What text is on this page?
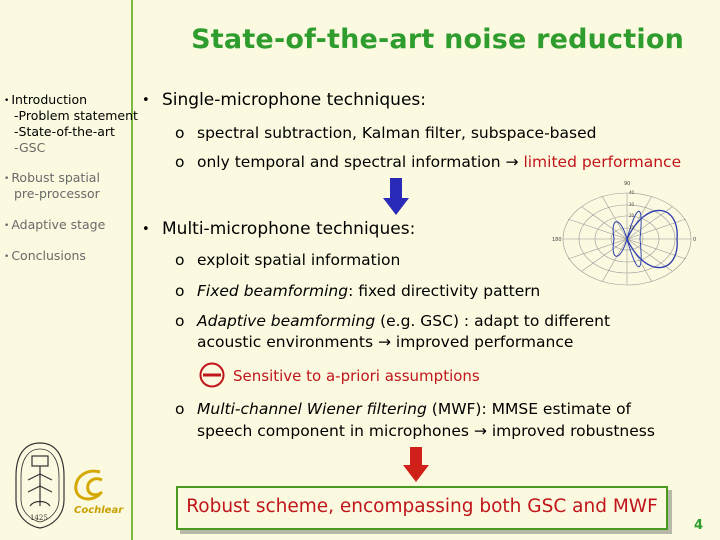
State-of-the-art noise reduction
• Introduction
-Problem statement
-State-of-the-art
-GSC
• Robust spatial
pre-processor
• Adaptive stage
• Conclusions
• Single-microphone techniques:
o spectral subtraction, Kalman filter, subspace-based
o only temporal and spectral information → limited performance
90
180	0
10
20
30
40
• Multi-microphone techniques:
o exploit spatial information
o Fixed beamforming: fixed directivity pattern
o Adaptive beamforming (e.g. GSC) : adapt to different
acoustic environments → improved performance
Sensitive to a-priori assumptions
o Multi-channel Wiener filtering (MWF): MMSE estimate of
speech component in microphones → improved robustness
Robust scheme, encompassing both GSC and MWF
1425
Cochlear
4
